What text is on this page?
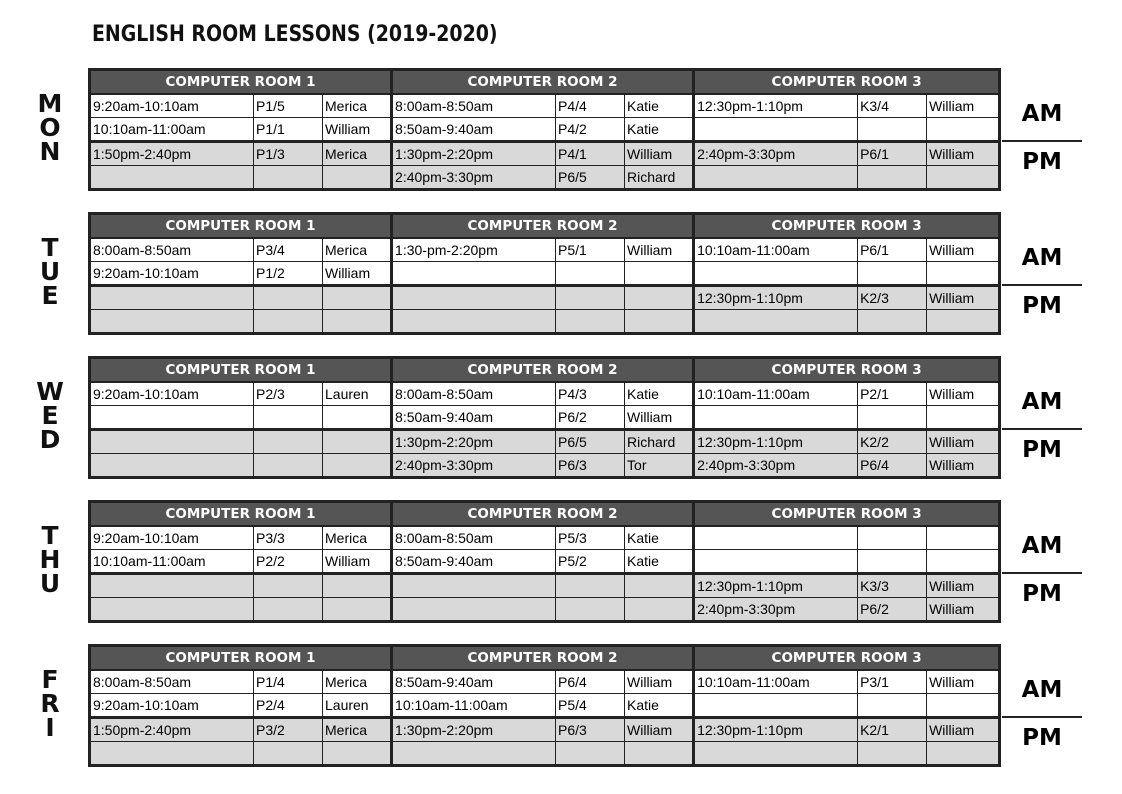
ENGLISH ROOM LESSONS (2019-2020)
M
O
N
COMPUTER ROOM 1			COMPUTER ROOM 2			COMPUTER ROOM 3		
9:20am-10:10am	P1/5	Merica	8:00am-8:50am	P4/4	Katie	12:30pm-1:10pm	K3/4	William
10:10am-11:00am	P1/1	William	8:50am-9:40am	P4/2	Katie			
1:50pm-2:40pm	P1/3	Merica	1:30pm-2:20pm	P4/1	William	2:40pm-3:30pm	P6/1	William
			2:40pm-3:30pm	P6/5	Richard			
AM
PM
T
U
E
COMPUTER ROOM 1			COMPUTER ROOM 2			COMPUTER ROOM 3		
8:00am-8:50am	P3/4	Merica	1:30-pm-2:20pm	P5/1	William	10:10am-11:00am	P6/1	William
9:20am-10:10am	P1/2	William						
						12:30pm-1:10pm	K2/3	William

AM
PM
W
E
D
COMPUTER ROOM 1			COMPUTER ROOM 2			COMPUTER ROOM 3		
9:20am-10:10am	P2/3	Lauren	8:00am-8:50am	P4/3	Katie	10:10am-11:00am	P2/1	William
			8:50am-9:40am	P6/2	William			
			1:30pm-2:20pm	P6/5	Richard	12:30pm-1:10pm	K2/2	William
			2:40pm-3:30pm	P6/3	Tor	2:40pm-3:30pm	P6/4	William
AM
PM
T
H
U
COMPUTER ROOM 1			COMPUTER ROOM 2			COMPUTER ROOM 3		
9:20am-10:10am	P3/3	Merica	8:00am-8:50am	P5/3	Katie			
10:10am-11:00am	P2/2	William	8:50am-9:40am	P5/2	Katie			
						12:30pm-1:10pm	K3/3	William
						2:40pm-3:30pm	P6/2	William
AM
PM
F
R
I
COMPUTER ROOM 1			COMPUTER ROOM 2			COMPUTER ROOM 3		
8:00am-8:50am	P1/4	Merica	8:50am-9:40am	P6/4	William	10:10am-11:00am	P3/1	William
9:20am-10:10am	P2/4	Lauren	10:10am-11:00am	P5/4	Katie			
1:50pm-2:40pm	P3/2	Merica	1:30pm-2:20pm	P6/3	William	12:30pm-1:10pm	K2/1	William

AM
PM
